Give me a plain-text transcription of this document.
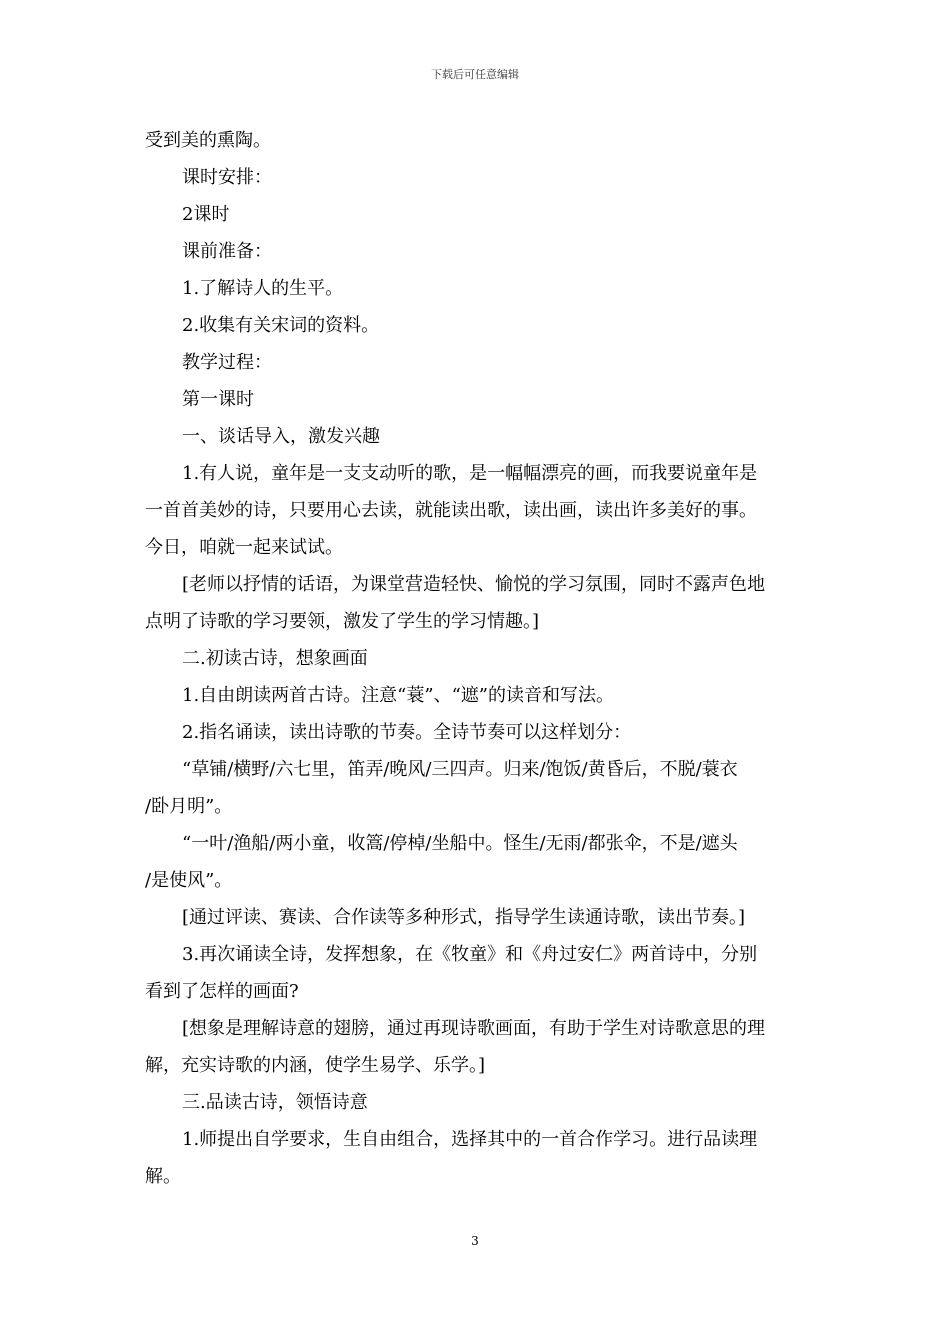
下载后可任意编辑

受到美的熏陶。

课时安排：

2课时

课前准备：

1.了解诗人的生平。

2.收集有关宋词的资料。

教学过程：

第一课时

一、谈话导入，激发兴趣

1.有人说，童年是一支支动听的歌，是一幅幅漂亮的画，而我要说童年是

一首首美妙的诗，只要用心去读，就能读出歌，读出画，读出许多美好的事。

今日，咱就一起来试试。

[老师以抒情的话语，为课堂营造轻快、愉悦的学习氛围，同时不露声色地

点明了诗歌的学习要领，激发了学生的学习情趣。]

二.初读古诗，想象画面

1.自由朗读两首古诗。注意“蓑”、“遮”的读音和写法。

2.指名诵读，读出诗歌的节奏。全诗节奏可以这样划分：

“草铺/横野/六七里，笛弄/晚风/三四声。归来/饱饭/黄昏后，不脱/蓑衣

/卧月明”。

“一叶/渔船/两小童，收篙/停棹/坐船中。怪生/无雨/都张伞，不是/遮头

/是使风”。

[通过评读、赛读、合作读等多种形式，指导学生读通诗歌，读出节奏。]

3.再次诵读全诗，发挥想象，在《牧童》和《舟过安仁》两首诗中，分别

看到了怎样的画面?

[想象是理解诗意的翅膀，通过再现诗歌画面，有助于学生对诗歌意思的理

解，充实诗歌的内涵，使学生易学、乐学。]

三.品读古诗，领悟诗意

1.师提出自学要求，生自由组合，选择其中的一首合作学习。进行品读理

解。

3
